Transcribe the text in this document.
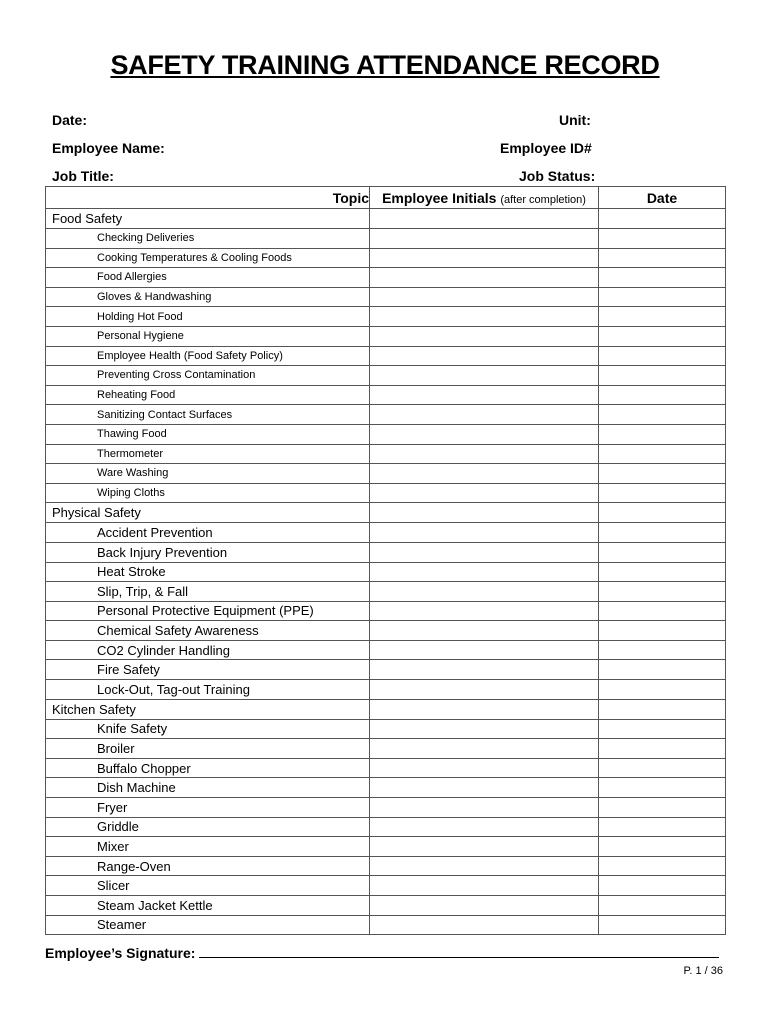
SAFETY TRAINING ATTENDANCE RECORD
Date:	Unit:
Employee Name:	Employee ID#
Job Title:	Job Status:
Topic	Employee Initials (after completion)	Date
Food Safety		
Checking Deliveries		
Cooking Temperatures & Cooling Foods		
Food Allergies		
Gloves & Handwashing		
Holding Hot Food		
Personal Hygiene		
Employee Health (Food Safety Policy)		
Preventing Cross Contamination		
Reheating Food		
Sanitizing Contact Surfaces		
Thawing Food		
Thermometer		
Ware Washing		
Wiping Cloths		
Physical Safety		
Accident Prevention		
Back Injury Prevention		
Heat Stroke		
Slip, Trip, & Fall		
Personal Protective Equipment (PPE)		
Chemical Safety Awareness		
CO2 Cylinder Handling		
Fire Safety		
Lock-Out, Tag-out Training		
Kitchen Safety		
Knife Safety		
Broiler		
Buffalo Chopper		
Dish Machine		
Fryer		
Griddle		
Mixer		
Range-Oven		
Slicer		
Steam Jacket Kettle		
Steamer		
Employee’s Signature:
P. 1 / 36
